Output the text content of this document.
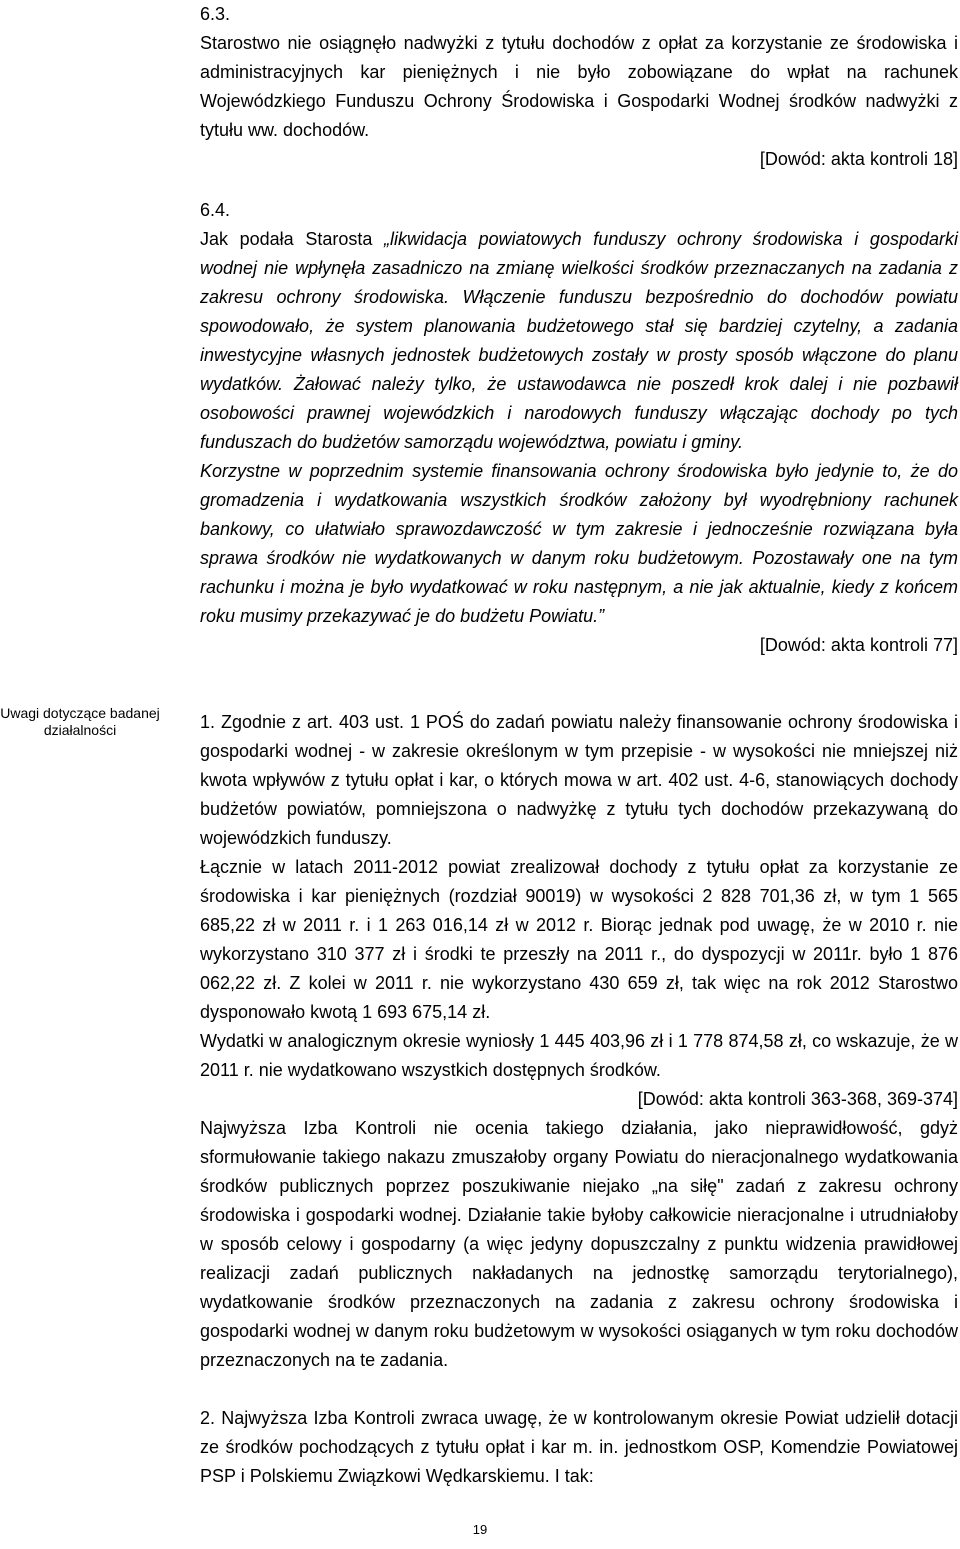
6.3.

Starostwo nie osiągnęło nadwyżki z tytułu dochodów z opłat za korzystanie ze środowiska i administracyjnych kar pieniężnych i nie było zobowiązane do wpłat na rachunek Wojewódzkiego Funduszu Ochrony Środowiska i Gospodarki Wodnej środków nadwyżki z tytułu ww. dochodów.

[Dowód: akta kontroli 18]

6.4.

Jak podała Starosta „likwidacja powiatowych funduszy ochrony środowiska i gospodarki wodnej nie wpłynęła zasadniczo na zmianę wielkości środków przeznaczanych na zadania z zakresu ochrony środowiska. Włączenie funduszu bezpośrednio do dochodów powiatu spowodowało, że system planowania budżetowego stał się bardziej czytelny, a zadania inwestycyjne własnych jednostek budżetowych zostały w prosty sposób włączone do planu wydatków. Żałować należy tylko, że ustawodawca nie poszedł krok dalej i nie pozbawił osobowości prawnej wojewódzkich i narodowych funduszy włączając dochody po tych funduszach do budżetów samorządu województwa, powiatu i gminy.

Korzystne w poprzednim systemie finansowania ochrony środowiska było jedynie to, że do gromadzenia i wydatkowania wszystkich środków założony był wyodrębniony rachunek bankowy, co ułatwiało sprawozdawczość w tym zakresie i jednocześnie rozwiązana była sprawa środków nie wydatkowanych w danym roku budżetowym. Pozostawały one na tym rachunku i można je było wydatkować w roku następnym, a nie jak aktualnie, kiedy z końcem roku musimy przekazywać je do budżetu Powiatu.”

[Dowód: akta kontroli 77]

Uwagi dotyczące badanej działalności	1. Zgodnie z art. 403 ust. 1 POŚ do zadań powiatu należy finansowanie ochrony środowiska i gospodarki wodnej - w zakresie określonym w tym przepisie - w wysokości nie mniejszej niż kwota wpływów z tytułu opłat i kar, o których mowa w art. 402 ust. 4-6, stanowiących dochody budżetów powiatów, pomniejszona o nadwyżkę z tytułu tych dochodów przekazywaną do wojewódzkich funduszy.

Łącznie w latach 2011-2012 powiat zrealizował dochody z tytułu opłat za korzystanie ze środowiska i kar pieniężnych (rozdział 90019) w wysokości 2 828 701,36 zł, w tym 1 565 685,22 zł w 2011 r. i 1 263 016,14 zł w 2012 r. Biorąc jednak pod uwagę, że w 2010 r. nie wykorzystano 310 377 zł i środki te przeszły na 2011 r., do dyspozycji w 2011r. było 1 876 062,22 zł. Z kolei w 2011 r. nie wykorzystano 430 659 zł, tak więc na rok 2012 Starostwo dysponowało kwotą 1 693 675,14 zł.

Wydatki w analogicznym okresie wyniosły 1 445 403,96 zł i 1 778 874,58 zł, co wskazuje, że w 2011 r. nie wydatkowano wszystkich dostępnych środków.

[Dowód: akta kontroli 363-368, 369-374]

Najwyższa Izba Kontroli nie ocenia takiego działania, jako nieprawidłowość, gdyż sformułowanie takiego nakazu zmuszałoby organy Powiatu do nieracjonalnego wydatkowania środków publicznych poprzez poszukiwanie niejako „na siłę" zadań z zakresu ochrony środowiska i gospodarki wodnej. Działanie takie byłoby całkowicie nieracjonalne i utrudniałoby w sposób celowy i gospodarny (a więc jedyny dopuszczalny z punktu widzenia prawidłowej realizacji zadań publicznych nakładanych na jednostkę samorządu terytorialnego), wydatkowanie środków przeznaczonych na zadania z zakresu ochrony środowiska i gospodarki wodnej w danym roku budżetowym w wysokości osiąganych w tym roku dochodów przeznaczonych na te zadania.

2. Najwyższa Izba Kontroli zwraca uwagę, że w kontrolowanym okresie Powiat udzielił dotacji ze środków pochodzących z tytułu opłat i kar m. in. jednostkom OSP, Komendzie Powiatowej PSP i Polskiemu Związkowi Wędkarskiemu. I tak:

19
